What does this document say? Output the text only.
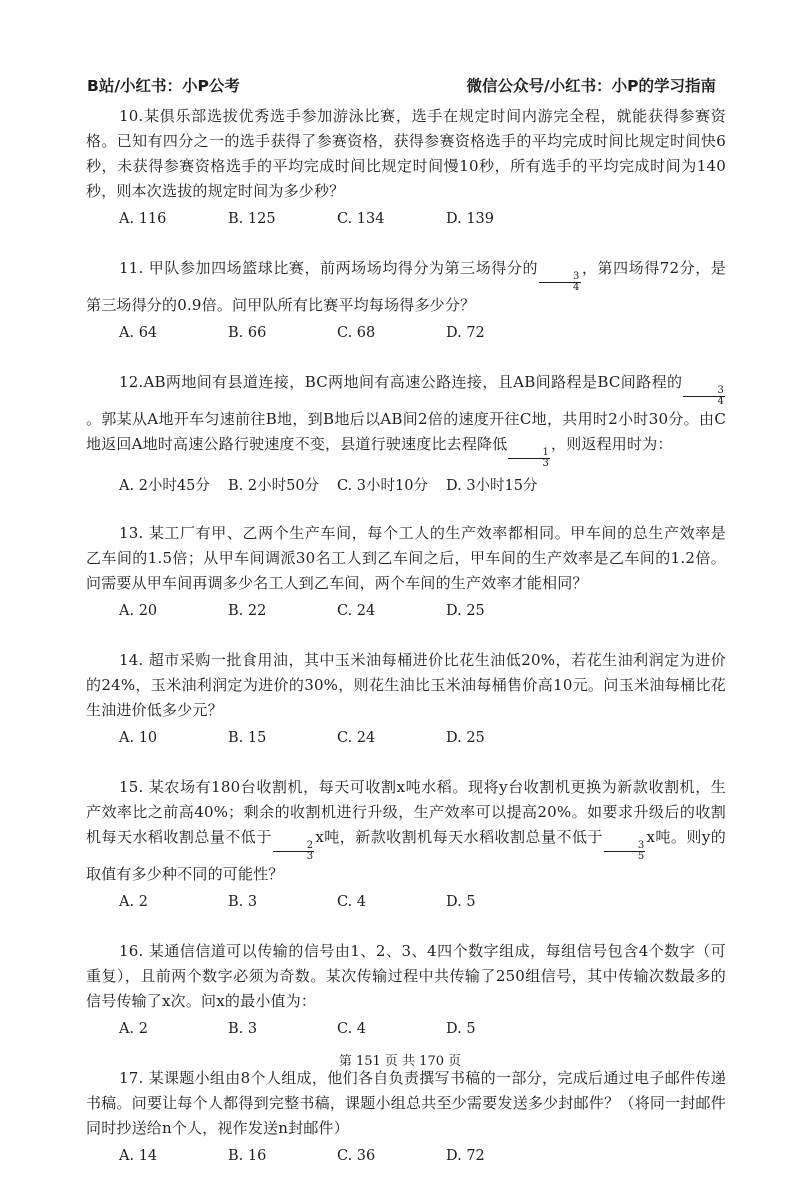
B站/小红书：小P公考	微信公众号/小红书：小P的学习指南

10.某俱乐部选拔优秀选手参加游泳比赛，选手在规定时间内游完全程，就能获得参赛资格。已知有四分之一的选手获得了参赛资格，获得参赛资格选手的平均完成时间比规定时间快6秒，未获得参赛资格选手的平均完成时间比规定时间慢10秒，所有选手的平均完成时间为140秒，则本次选拔的规定时间为多少秒？

A. 116	B. 125	C. 134	D. 139

11. 甲队参加四场篮球比赛，前两场场均得分为第三场得分的
$\frac{3}{4}$
，第四场得72分，是第三场得分的0.9倍。问甲队所有比赛平均每场得多少分？

A. 64	B. 66	C. 68	D. 72

12.AB两地间有县道连接，BC两地间有高速公路连接，且AB间路程是BC间路程的
$\frac{3}{4}$
。郭某从A地开车匀速前往B地，到B地后以AB间2倍的速度开往C地，共用时2小时30分。由C地返回A地时高速公路行驶速度不变，县道行驶速度比去程降低
$\frac{1}{3}$
，则返程用时为：

A. 2小时45分	B. 2小时50分	C. 3小时10分	D. 3小时15分

13. 某工厂有甲、乙两个生产车间，每个工人的生产效率都相同。甲车间的总生产效率是乙车间的1.5倍；从甲车间调派30名工人到乙车间之后，甲车间的生产效率是乙车间的1.2倍。问需要从甲车间再调多少名工人到乙车间，两个车间的生产效率才能相同？

A. 20	B. 22	C. 24	D. 25

14. 超市采购一批食用油，其中玉米油每桶进价比花生油低20%，若花生油利润定为进价的24%，玉米油利润定为进价的30%，则花生油比玉米油每桶售价高10元。问玉米油每桶比花生油进价低多少元？

A. 10	B. 15	C. 24	D. 25

15. 某农场有180台收割机，每天可收割x吨水稻。现将y台收割机更换为新款收割机，生产效率比之前高40%；剩余的收割机进行升级，生产效率可以提高20%。如要求升级后的收割机每天水稻收割总量不低于
$\frac{2}{3}$
x吨，新款收割机每天水稻收割总量不低于
$\frac{3}{5}$
x吨。则y的取值有多少种不同的可能性？

A. 2	B. 3	C. 4	D. 5

16. 某通信信道可以传输的信号由1、2、3、4四个数字组成，每组信号包含4个数字（可重复），且前两个数字必须为奇数。某次传输过程中共传输了250组信号，其中传输次数最多的信号传输了x次。问x的最小值为：

A. 2	B. 3	C. 4	D. 5

17. 某课题小组由8个人组成，他们各自负责撰写书稿的一部分，完成后通过电子邮件传递书稿。问要让每个人都得到完整书稿，课题小组总共至少需要发送多少封邮件？（将同一封邮件同时抄送给n个人，视作发送n封邮件）

A. 14	B. 16	C. 36	D. 72
第 151 页 共 170 页
